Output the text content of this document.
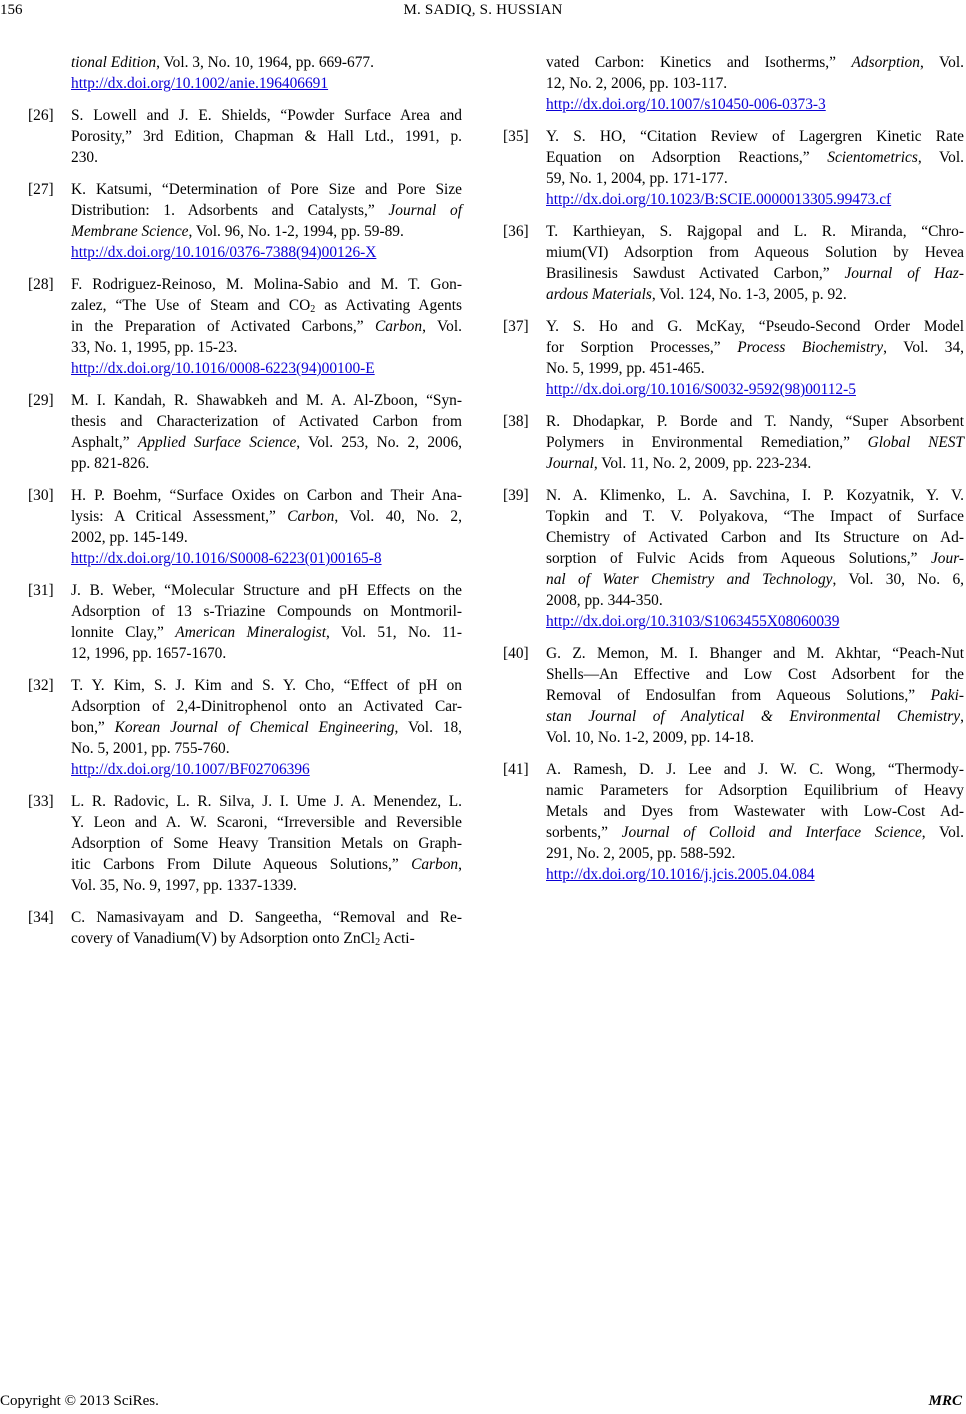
156	M. SADIQ, S. HUSSIAN
tional Edition, Vol. 3, No. 10, 1964, pp. 669-677.
http://dx.doi.org/10.1002/anie.196406691
[26] S. Lowell and J. E. Shields, “Powder Surface Area and
Porosity,” 3rd Edition, Chapman & Hall Ltd., 1991, p.
230.
[27] K. Katsumi, “Determination of Pore Size and Pore Size
Distribution: 1. Adsorbents and Catalysts,” Journal of
Membrane Science, Vol. 96, No. 1-2, 1994, pp. 59-89.
http://dx.doi.org/10.1016/0376-7388(94)00126-X
[28] F. Rodriguez-Reinoso, M. Molina-Sabio and M. T. Gon-
zalez, “The Use of Steam and $CO_2$ as Activating Agents
in the Preparation of Activated Carbons,” Carbon, Vol.
33, No. 1, 1995, pp. 15-23.
http://dx.doi.org/10.1016/0008-6223(94)00100-E
[29] M. I. Kandah, R. Shawabkeh and M. A. Al-Zboon, “Syn-
thesis and Characterization of Activated Carbon from
Asphalt,” Applied Surface Science, Vol. 253, No. 2, 2006,
pp. 821-826.
[30] H. P. Boehm, “Surface Oxides on Carbon and Their Ana-
lysis: A Critical Assessment,” Carbon, Vol. 40, No. 2,
2002, pp. 145-149.
http://dx.doi.org/10.1016/S0008-6223(01)00165-8
[31] J. B. Weber, “Molecular Structure and pH Effects on the
Adsorption of 13 s-Triazine Compounds on Montmoril-
lonnite Clay,” American Mineralogist, Vol. 51, No. 11-
12, 1996, pp. 1657-1670.
[32] T. Y. Kim, S. J. Kim and S. Y. Cho, “Effect of pH on
Adsorption of 2,4-Dinitrophenol onto an Activated Car-
bon,” Korean Journal of Chemical Engineering, Vol. 18,
No. 5, 2001, pp. 755-760.
http://dx.doi.org/10.1007/BF02706396
[33] L. R. Radovic, L. R. Silva, J. I. Ume J. A. Menendez, L.
Y. Leon and A. W. Scaroni, “Irreversible and Reversible
Adsorption of Some Heavy Transition Metals on Graph-
itic Carbons From Dilute Aqueous Solutions,” Carbon,
Vol. 35, No. 9, 1997, pp. 1337-1339.
[34] C. Namasivayam and D. Sangeetha, “Removal and Re-
covery of Vanadium(V) by Adsorption onto ZnCl$_2$ Acti-
vated Carbon: Kinetics and Isotherms,” Adsorption, Vol.
12, No. 2, 2006, pp. 103-117.
http://dx.doi.org/10.1007/s10450-006-0373-3
[35] Y. S. HO, “Citation Review of Lagergren Kinetic Rate
Equation on Adsorption Reactions,” Scientometrics, Vol.
59, No. 1, 2004, pp. 171-177.
http://dx.doi.org/10.1023/B:SCIE.0000013305.99473.cf
[36] T. Karthieyan, S. Rajgopal and L. R. Miranda, “Chro-
mium(VI) Adsorption from Aqueous Solution by Hevea
Brasilinesis Sawdust Activated Carbon,” Journal of Haz-
ardous Materials, Vol. 124, No. 1-3, 2005, p. 92.
[37] Y. S. Ho and G. McKay, “Pseudo-Second Order Model
for Sorption Processes,” Process Biochemistry, Vol. 34,
No. 5, 1999, pp. 451-465.
http://dx.doi.org/10.1016/S0032-9592(98)00112-5
[38] R. Dhodapkar, P. Borde and T. Nandy, “Super Absorbent
Polymers in Environmental Remediation,” Global NEST
Journal, Vol. 11, No. 2, 2009, pp. 223-234.
[39] N. A. Klimenko, L. A. Savchina, I. P. Kozyatnik, Y. V.
Topkin and T. V. Polyakova, “The Impact of Surface
Chemistry of Activated Carbon and Its Structure on Ad-
sorption of Fulvic Acids from Aqueous Solutions,” Jour-
nal of Water Chemistry and Technology, Vol. 30, No. 6,
2008, pp. 344-350.
http://dx.doi.org/10.3103/S1063455X08060039
[40] G. Z. Memon, M. I. Bhanger and M. Akhtar, “Peach-Nut
Shells—An Effective and Low Cost Adsorbent for the
Removal of Endosulfan from Aqueous Solutions,” Paki-
stan Journal of Analytical & Environmental Chemistry,
Vol. 10, No. 1-2, 2009, pp. 14-18.
[41] A. Ramesh, D. J. Lee and J. W. C. Wong, “Thermody-
namic Parameters for Adsorption Equilibrium of Heavy
Metals and Dyes from Wastewater with Low-Cost Ad-
sorbents,” Journal of Colloid and Interface Science, Vol.
291, No. 2, 2005, pp. 588-592.
http://dx.doi.org/10.1016/j.jcis.2005.04.084
Copyright © 2013 SciRes.	MRC
